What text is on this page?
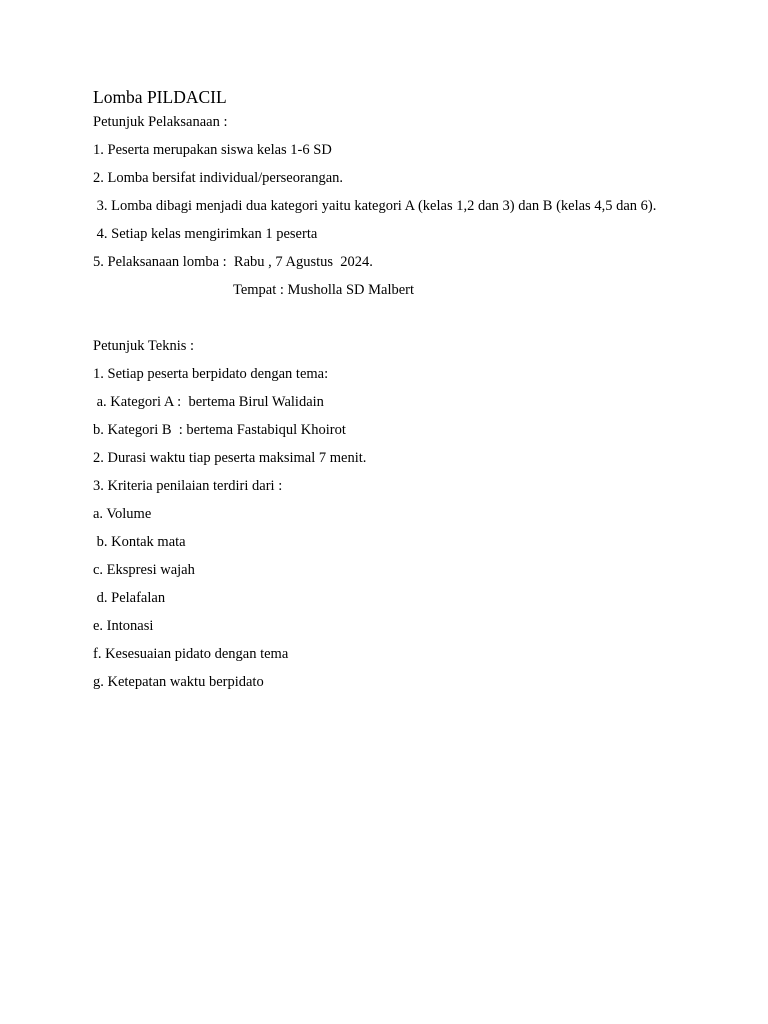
Lomba PILDACIL
Petunjuk Pelaksanaan :
1. Peserta merupakan siswa kelas 1-6 SD
2. Lomba bersifat individual/perseorangan.
3. Lomba dibagi menjadi dua kategori yaitu kategori A (kelas 1,2 dan 3) dan B (kelas 4,5 dan 6).
4. Setiap kelas mengirimkan 1 peserta
5. Pelaksanaan lomba :  Rabu , 7 Agustus  2024.
Tempat : Musholla SD Malbert
Petunjuk Teknis :
1. Setiap peserta berpidato dengan tema:
a. Kategori A :  bertema Birul Walidain
b. Kategori B  : bertema Fastabiqul Khoirot
2. Durasi waktu tiap peserta maksimal 7 menit.
3. Kriteria penilaian terdiri dari :
a. Volume
b. Kontak mata
c. Ekspresi wajah
d. Pelafalan
e. Intonasi
f. Kesesuaian pidato dengan tema
g. Ketepatan waktu berpidato
